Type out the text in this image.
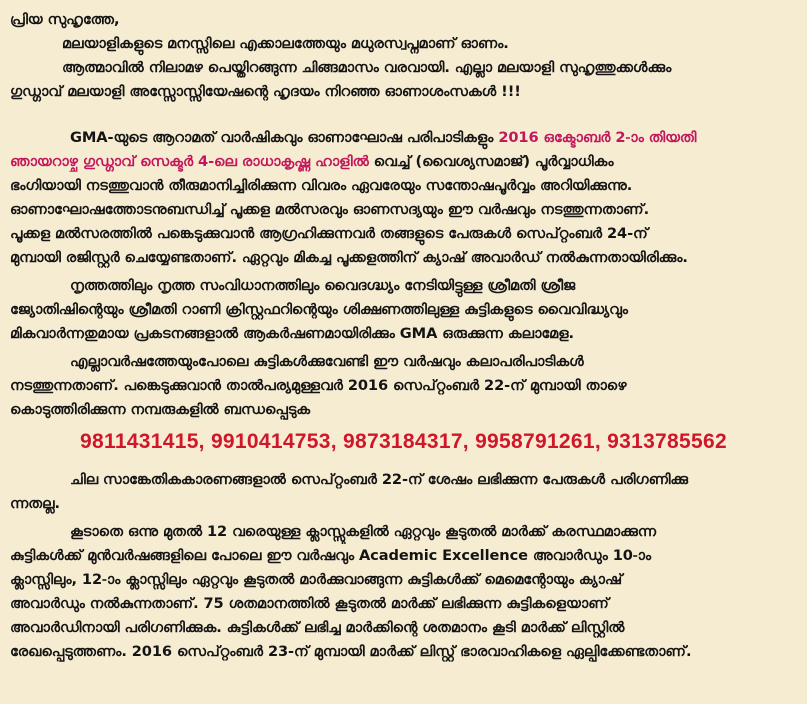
പ്രിയ സുഹൃത്തേ,
മലയാളികളുടെ മനസ്സിലെ എക്കാലത്തേയും മധുരസ്വപ്നമാണ് ഓണം.
ആത്മാവിൽ നിലാമഴ പെയ്തിറങ്ങുന്ന ചിങ്ങമാസം വരവായി. എല്ലാ മലയാളി സുഹൃത്തുക്കൾക്കും
ഗുഡ്ഗാവ് മലയാളി അസ്സോസ്സിയേഷന്റെ ഹൃദയം നിറഞ്ഞ ഓണാശംസകൾ !!!
GMA-യുടെ ആറാമത് വാർഷികവും ഓണാഘോഷ പരിപാടികളും 2016 ഒക്ടോബർ 2-ാം തിയതി
ഞായറാഴ്ച ഗുഡ്ഗാവ് സെക്ടർ 4-ലെ രാധാകൃഷ്ണ ഹാളിൽ വെച്ച് (വൈശ്യസമാജ്) പൂർവ്വാധികം
ഭംഗിയായി നടത്തുവാൻ തീരുമാനിച്ചിരിക്കുന്ന വിവരം ഏവരേയും സന്തോഷപൂർവ്വം അറിയിക്കുന്നു.
ഓണാഘോഷത്തോടനുബന്ധിച്ച് പൂക്കള മൽസരവും ഓണസദ്യയും ഈ വർഷവും നടത്തുന്നതാണ്.
പൂക്കള മൽസരത്തിൽ പങ്കെടുക്കുവാൻ ആഗ്രഹിക്കുന്നവർ തങ്ങളുടെ പേരുകൾ സെപ്റ്റംബർ 24-ന്
മുമ്പായി രജിസ്റ്റർ ചെയ്യേണ്ടതാണ്. ഏറ്റവും മികച്ച പൂക്കളത്തിന് ക്യാഷ് അവാർഡ് നൽകുന്നതായിരിക്കും.
നൃത്തത്തിലും നൃത്ത സംവിധാനത്തിലും വൈദഗ്ദ്ധ്യം നേടിയിട്ടുള്ള ശ്രീമതി ശ്രീജ
ജ്യോതിഷിന്റെയും ശ്രീമതി റാണി ക്രിസ്റ്റഫറിന്റെയും ശിക്ഷണത്തിലുള്ള കുട്ടികളുടെ വൈവിദ്ധ്യവും
മികവാർന്നതുമായ പ്രകടനങ്ങളാൽ ആകർഷണമായിരിക്കും GMA ഒരുക്കുന്ന കലാമേള.
എല്ലാവർഷത്തേയുംപോലെ കുട്ടികൾക്കുവേണ്ടി ഈ വർഷവും കലാപരിപാടികൾ
നടത്തുന്നതാണ്. പങ്കെടുക്കുവാൻ താൽപര്യമുള്ളവർ 2016 സെപ്റ്റംബർ 22-ന് മുമ്പായി താഴെ
കൊടുത്തിരിക്കുന്ന നമ്പരുകളിൽ ബന്ധപ്പെടുക
9811431415, 9910414753, 9873184317, 9958791261, 9313785562
ചില സാങ്കേതികകാരണങ്ങളാൽ സെപ്റ്റംബർ 22-ന് ശേഷം ലഭിക്കുന്ന പേരുകൾ പരിഗണിക്കു
ന്നതല്ല.
കൂടാതെ ഒന്നു മുതൽ 12 വരെയുള്ള ക്ലാസ്സുകളിൽ ഏറ്റവും കൂടുതൽ മാർക്ക് കരസ്ഥമാക്കുന്ന
കുട്ടികൾക്ക് മുൻവർഷങ്ങളിലെ പോലെ ഈ വർഷവും Academic Excellence അവാർഡും 10-ാം
ക്ലാസ്സിലും, 12-ാം ക്ലാസ്സിലും ഏറ്റവും കൂടുതൽ മാർക്കുവാങ്ങുന്ന കുട്ടികൾക്ക് മെമെന്റോയും ക്യാഷ്
അവാർഡും നൽകുന്നതാണ്. 75 ശതമാനത്തിൽ കൂടുതൽ മാർക്ക് ലഭിക്കുന്ന കുട്ടികളെയാണ്
അവാർഡിനായി പരിഗണിക്കുക. കുട്ടികൾക്ക് ലഭിച്ച മാർക്കിന്റെ ശതമാനം കൂടി മാർക്ക് ലിസ്റ്റിൽ
രേഖപ്പെടുത്തണം. 2016 സെപ്റ്റംബർ 23-ന് മുമ്പായി മാർക്ക് ലിസ്റ്റ് ഭാരവാഹികളെ ഏല്പിക്കേണ്ടതാണ്.
